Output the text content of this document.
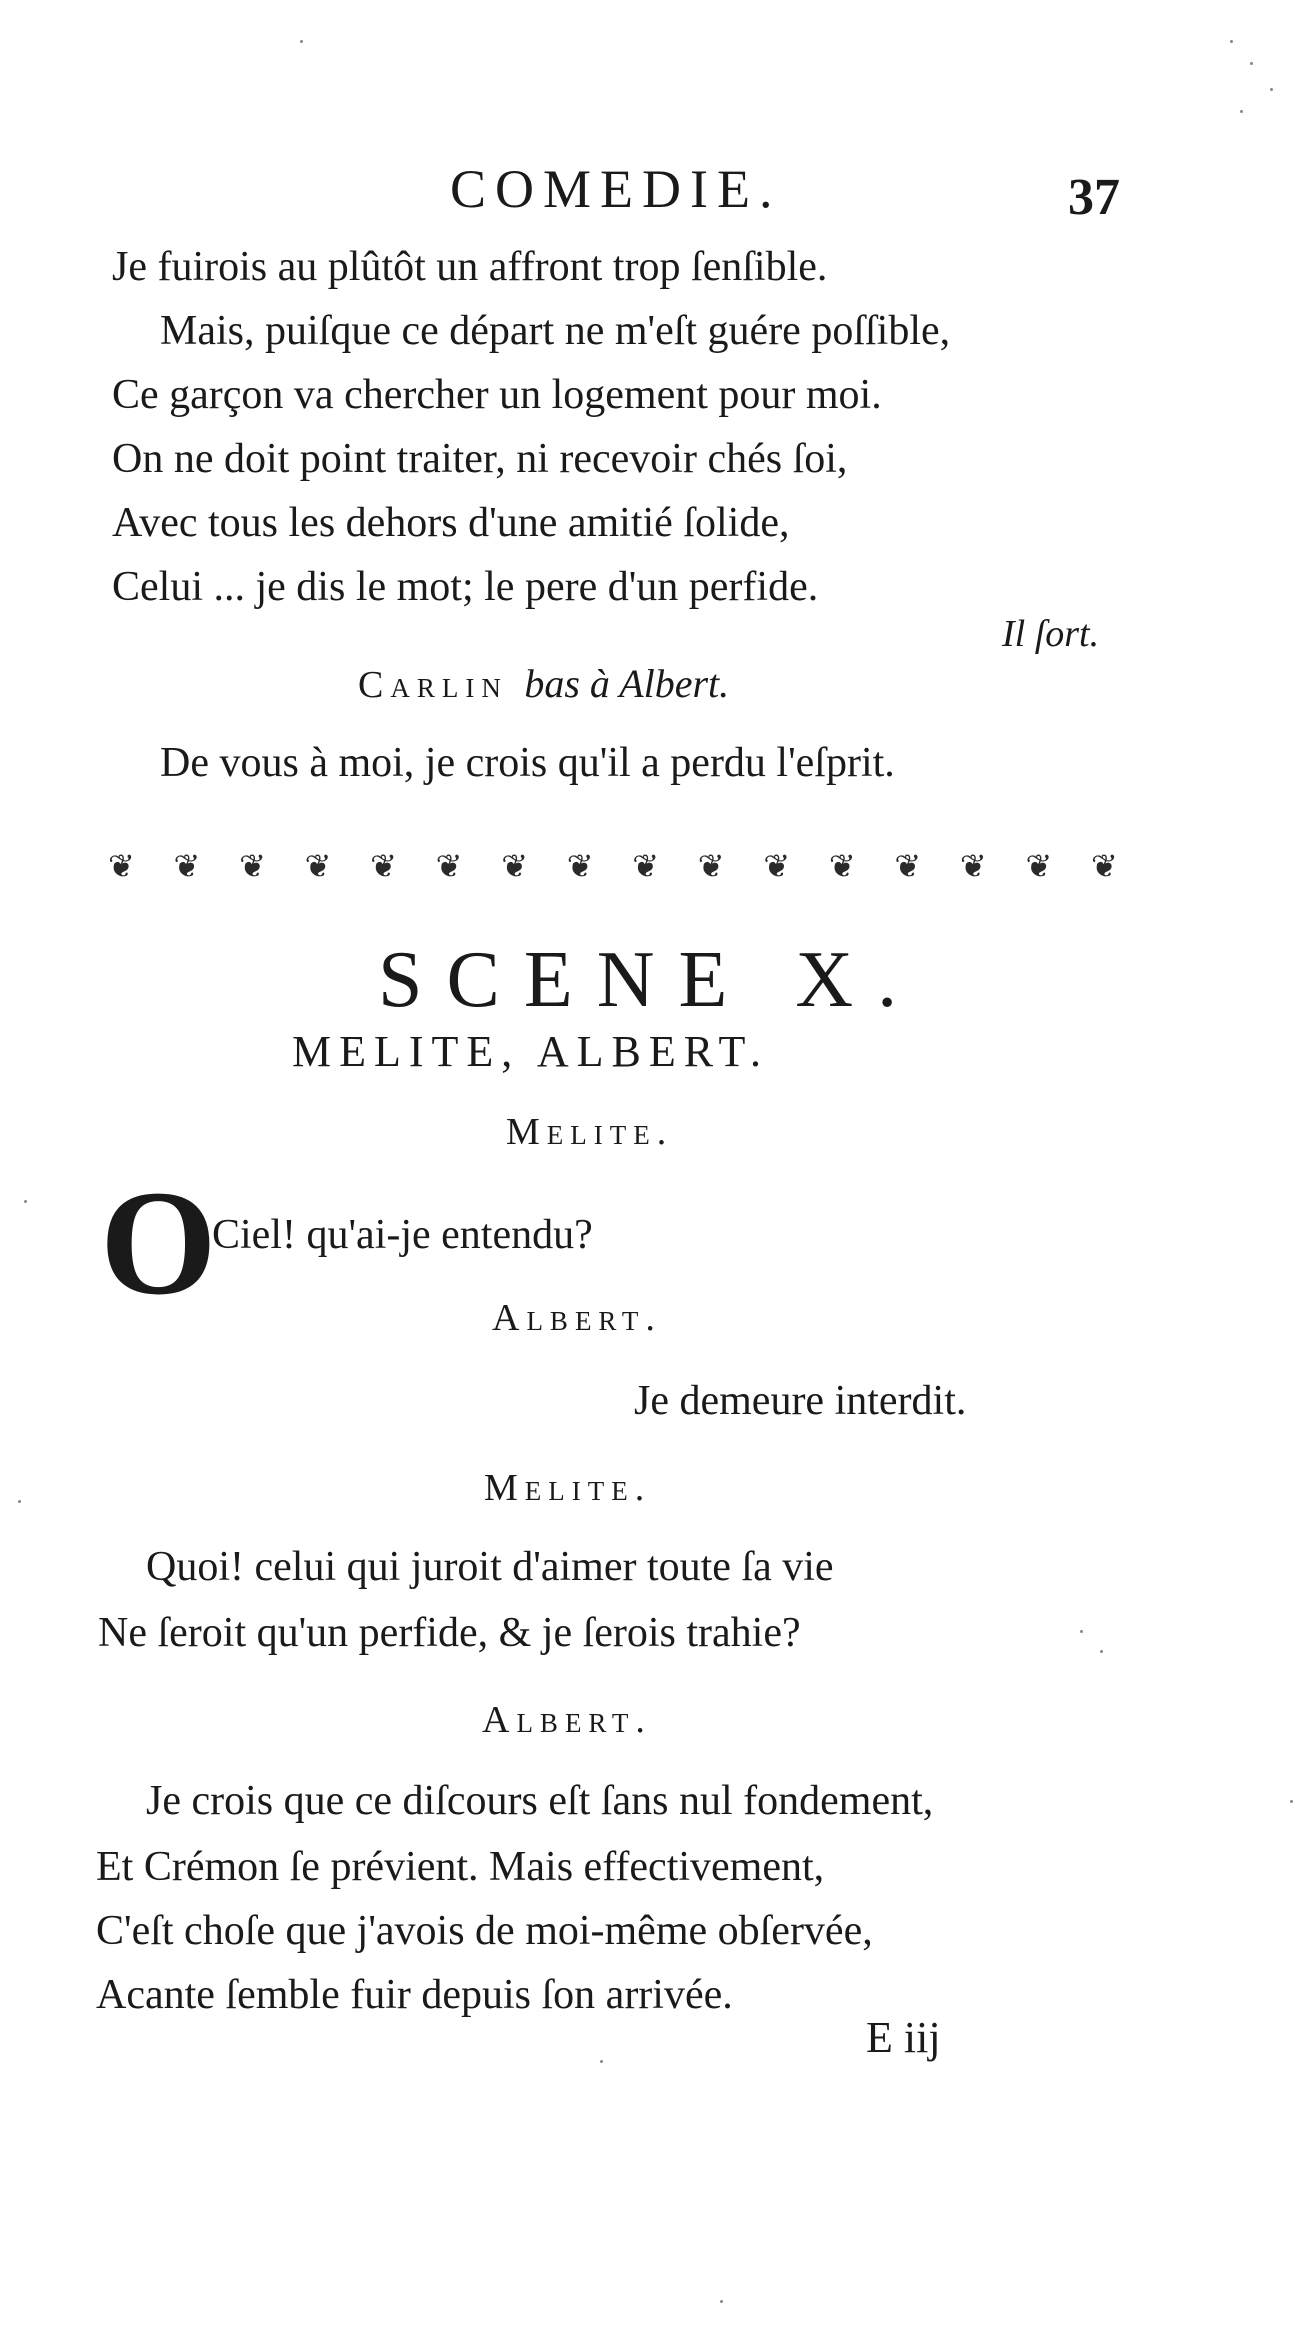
COMEDIE.	37
Je fuirois au plûtôt un affront trop ſenſible.
Mais, puiſque ce départ ne m'eſt guére poſſible,
Ce garçon va chercher un logement pour moi.
On ne doit point traiter, ni recevoir chés ſoi,
Avec tous les dehors d'une amitié ſolide,
Celui ... je dis le mot; le pere d'un perfide.
Il ſort.
Carlin bas à Albert.
De vous à moi, je crois qu'il a perdu l'eſprit.
❦ ❦ ❦ ❦ ❦ ❦ ❦ ❦ ❦ ❦ ❦ ❦ ❦ ❦ ❦ ❦
SCENE X.
MELITE, ALBERT.
Melite.
O
Ciel! qu'ai-je entendu?
Albert.
Je demeure interdit.
Melite.
Quoi! celui qui juroit d'aimer toute ſa vie
Ne ſeroit qu'un perfide, & je ſerois trahie?
Albert.
Je crois que ce diſcours eſt ſans nul fondement,
Et Crémon ſe prévient. Mais effectivement,
C'eſt choſe que j'avois de moi-même obſervée,
Acante ſemble fuir depuis ſon arrivée.
E iij
